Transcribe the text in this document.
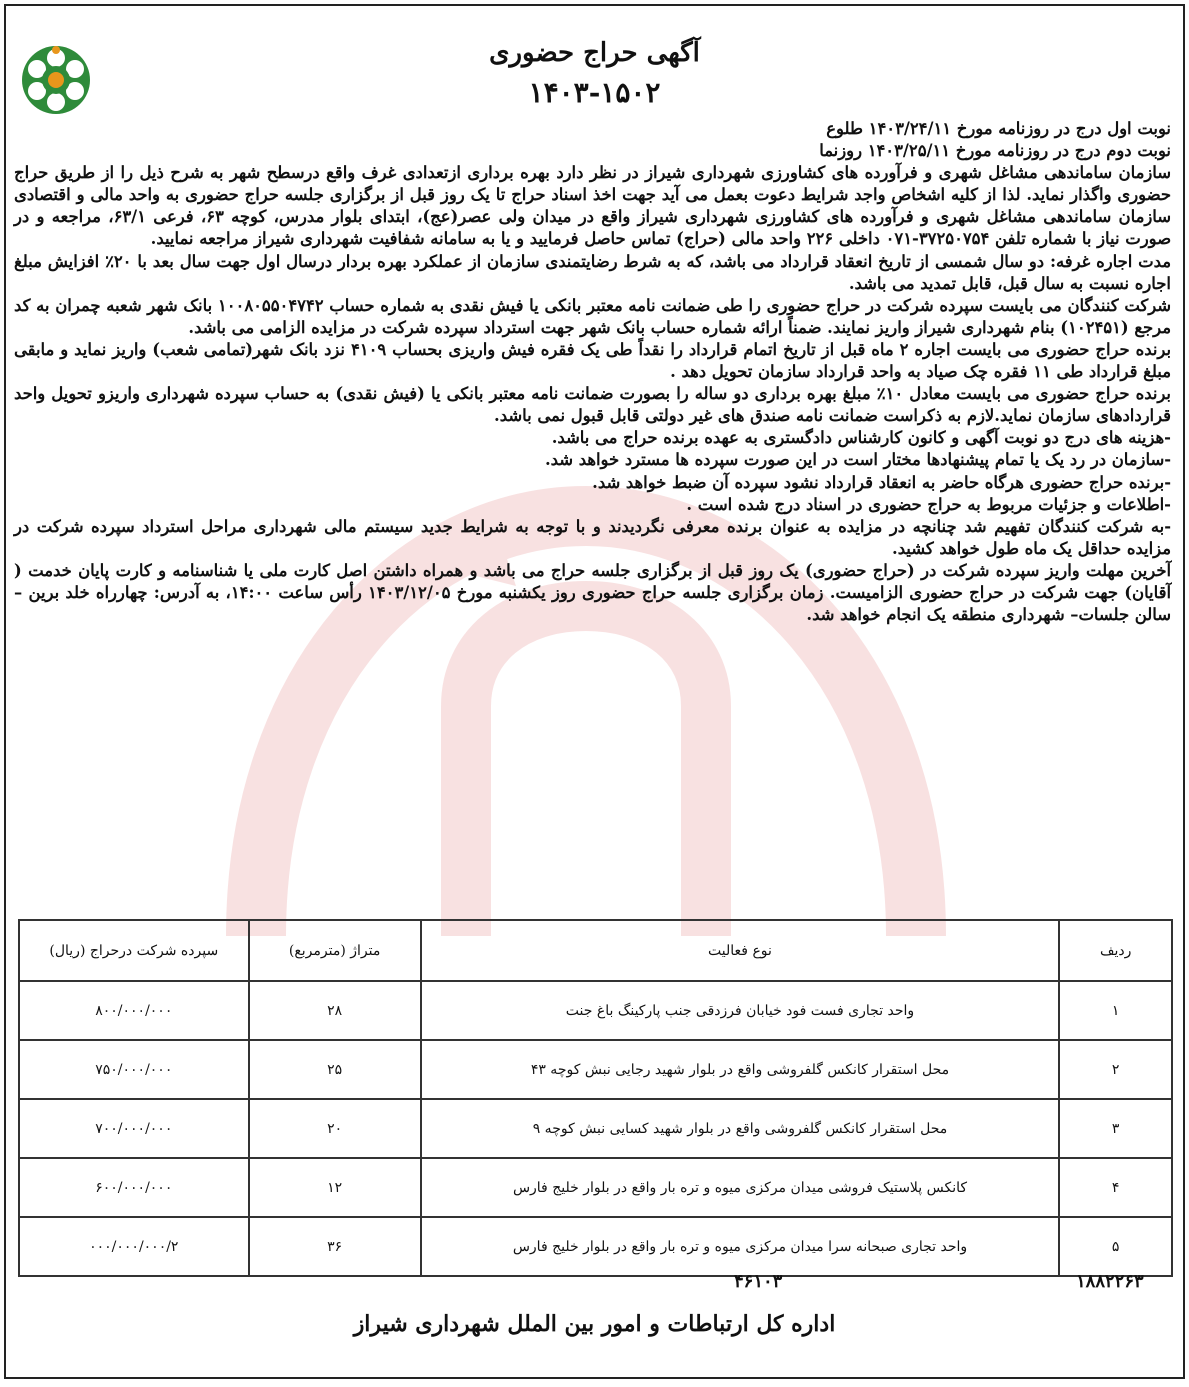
آگهی حراج حضوری
۱۴۰۳-۱۵۰۲

نوبت اول درج در روزنامه مورخ ۱۴۰۳/۲۴/۱۱ طلوع

نوبت دوم درج در روزنامه مورخ ۱۴۰۳/۲۵/۱۱ روزنما

سازمان ساماندهی مشاغل شهری و فرآورده های کشاورزی شهرداری شیراز در نظر دارد بهره برداری ازتعدادی غرف واقع درسطح شهر به شرح ذیل را از طریق حراج حضوری واگذار نماید. لذا از کلیه اشخاص واجد شرایط دعوت بعمل می آید جهت اخذ اسناد حراج تا یک روز قبل از برگزاری جلسه حراج حضوری به واحد مالی و اقتصادی سازمان ساماندهی مشاغل شهری و فرآورده های کشاورزی شهرداری شیراز واقع در میدان ولی عصر(عج)، ابتدای بلوار مدرس، کوچه ۶۳، فرعی ۶۳/۱، مراجعه و در صورت نیاز با شماره تلفن ۳۷۲۵۰۷۵۴-۰۷۱ داخلی ۲۲۶ واحد مالی (حراج) تماس حاصل فرمایید و یا به سامانه شفافیت شهرداری شیراز مراجعه نمایید.

مدت اجاره غرفه: دو سال شمسی از تاریخ انعقاد قرارداد می باشد، که به شرط رضایتمندی سازمان از عملکرد بهره بردار درسال اول جهت سال بعد با ۲۰٪ افزایش مبلغ اجاره نسبت به سال قبل، قابل تمدید می باشد.

شرکت کنندگان می بایست سپرده شرکت در حراج حضوری را طی ضمانت نامه معتبر بانکی یا فیش نقدی به شماره حساب ۱۰۰۸۰۵۵۰۴۷۴۲ بانک شهر شعبه چمران به کد مرجع (۱۰۲۴۵۱) بنام شهرداری شیراز واریز نمایند. ضمناً ارائه شماره حساب بانک شهر جهت استرداد سپرده شرکت در مزایده الزامی می باشد.

برنده حراج حضوری می بایست اجاره ۲ ماه قبل از تاریخ اتمام قرارداد را نقداً طی یک فقره فیش واریزی بحساب ۴۱۰۹ نزد بانک شهر(تمامی شعب) واریز نماید و مابقی مبلغ قرارداد طی ۱۱ فقره چک صیاد به واحد قرارداد سازمان تحویل دهد .

برنده حراج حضوری می بایست معادل ۱۰٪ مبلغ بهره برداری دو ساله را بصورت ضمانت نامه معتبر بانکی یا (فیش نقدی) به حساب سپرده شهرداری واریزو تحویل واحد قراردادهای سازمان نماید.لازم به ذکراست ضمانت نامه صندق های غیر دولتی قابل قبول نمی باشد.

-هزینه های درج دو نوبت آگهی و کانون کارشناس دادگستری به عهده برنده حراج می باشد.

-سازمان در رد یک یا تمام پیشنهادها مختار است در این صورت سپرده ها مسترد خواهد شد.

-برنده حراج حضوری هرگاه حاضر به انعقاد قرارداد نشود سپرده آن ضبط خواهد شد.

-اطلاعات و جزئیات مربوط به حراج حضوری در اسناد درج شده است .

-به شرکت کنندگان تفهیم شد چنانچه در مزایده به عنوان برنده معرفی نگردیدند و با توجه به شرایط جدید سیستم مالی شهرداری مراحل استرداد سپرده شرکت در مزایده حداقل یک ماه طول خواهد کشید.

آخرین مهلت واریز سپرده شرکت در (حراج حضوری) یک روز قبل از برگزاری جلسه حراج می باشد و همراه داشتن اصل کارت ملی یا شناسنامه و کارت پایان خدمت ( آقایان) جهت شرکت در حراج حضوری الزامیست. زمان برگزاری جلسه حراج حضوری روز یکشنبه مورخ ۱۴۰۳/۱۲/۰۵ رأس ساعت ۱۴:۰۰، به آدرس: چهارراه خلد برین – سالن جلسات– شهرداری منطقه یک انجام خواهد شد.

ردیف	نوع فعالیت	متراژ (مترمربع)	سپرده شرکت درحراج (ریال)
۱	واحد تجاری فست فود خیابان فرزدقی جنب پارکینگ باغ جنت	۲۸	۸۰۰/۰۰۰/۰۰۰
۲	محل استقرار کانکس گلفروشی واقع در بلوار شهید رجایی نبش کوچه ۴۳	۲۵	۷۵۰/۰۰۰/۰۰۰
۳	محل استقرار کانکس گلفروشی واقع در بلوار شهید کسایی نبش کوچه ۹	۲۰	۷۰۰/۰۰۰/۰۰۰
۴	کانکس پلاستیک فروشی میدان مرکزی میوه و تره بار واقع در بلوار خلیج فارس	۱۲	۶۰۰/۰۰۰/۰۰۰
۵	واحد تجاری صبحانه سرا میدان مرکزی میوه و تره بار واقع در بلوار خلیج فارس	۳۶	۰۰۰/۰۰۰/۰۰۰/۲
۴۶۱۰۳	۱۸۸۲۲۶۳
اداره کل ارتباطات و امور بین الملل شهرداری شیراز
